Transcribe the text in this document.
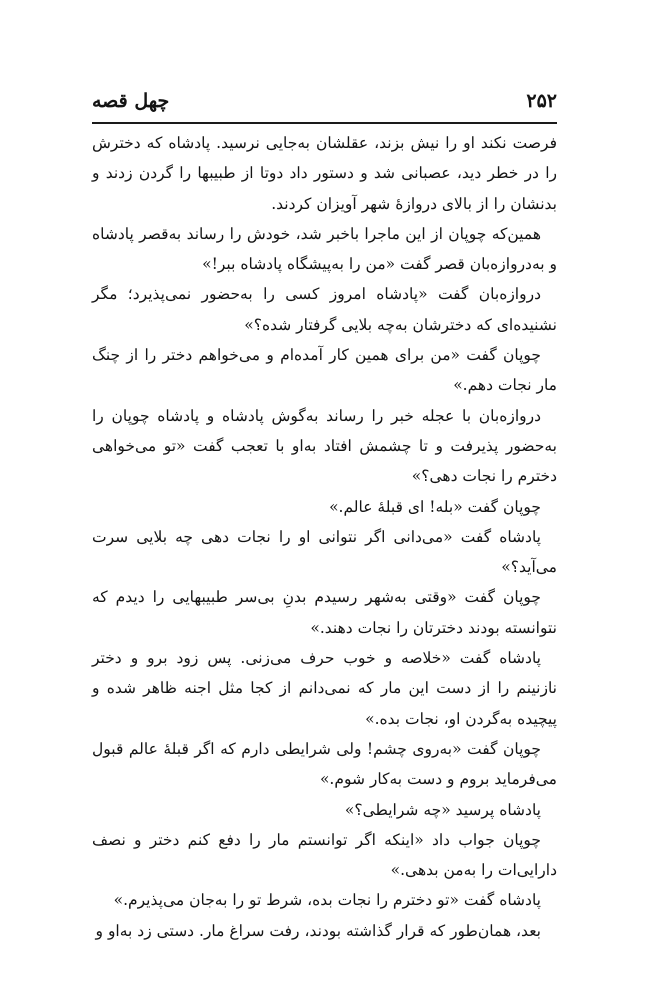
۲۵۲
چهل قصه

فرصت نکند او را نیش بزند، عقلشان به‌جایی نرسید. پادشاه که دخترش را در خطر دید، عصبانی شد و دستور داد دوتا از طبیبها را گردن زدند و بدنشان را از بالای دروازهٔ شهر آویزان کردند.

همین‌که چوپان از این ماجرا باخبر شد، خودش را رساند به‌قصر پادشاه و به‌دروازه‌بان قصر گفت «من را به‌پیشگاه پادشاه ببر!»

دروازه‌بان گفت «پادشاه امروز کسی را به‌حضور نمی‌پذیرد؛ مگر نشنیده‌ای که دخترشان به‌چه بلایی گرفتار شده؟»

چوپان گفت «من برای همین کار آمده‌ام و می‌خواهم دختر را از چنگ مار نجات دهم.»

دروازه‌بان با عجله خبر را رساند به‌گوش پادشاه و پادشاه چوپان را به‌حضور پذیرفت و تا چشمش افتاد به‌او با تعجب گفت «تو می‌خواهی دخترم را نجات دهی؟»

چوپان گفت «بله! ای قبلهٔ عالم.»

پادشاه گفت «می‌دانی اگر نتوانی او را نجات دهی چه بلایی سرت می‌آید؟»

چوپان گفت «وقتی به‌شهر رسیدم بدنِ بی‌سر طبیبهایی را دیدم که نتوانسته بودند دخترتان را نجات دهند.»

پادشاه گفت «خلاصه و خوب حرف می‌زنی. پس زود برو و دختر نازنینم را از دست این مار که نمی‌دانم از کجا مثل اجنه ظاهر شده و پیچیده به‌گردن او، نجات بده.»

چوپان گفت «به‌روی چشم! ولی شرایطی دارم که اگر قبلهٔ عالم قبول می‌فرماید بروم و دست به‌کار شوم.»

پادشاه پرسید «چه شرایطی؟»

چوپان جواب داد «اینکه اگر توانستم مار را دفع کنم دختر و نصف دارایی‌ات را به‌من بدهی.»

پادشاه گفت «تو دخترم را نجات بده، شرط تو را به‌جان می‌پذیرم.»

بعد، همان‌طور که قرار گذاشته بودند، رفت سراغ مار. دستی زد به‌او و
